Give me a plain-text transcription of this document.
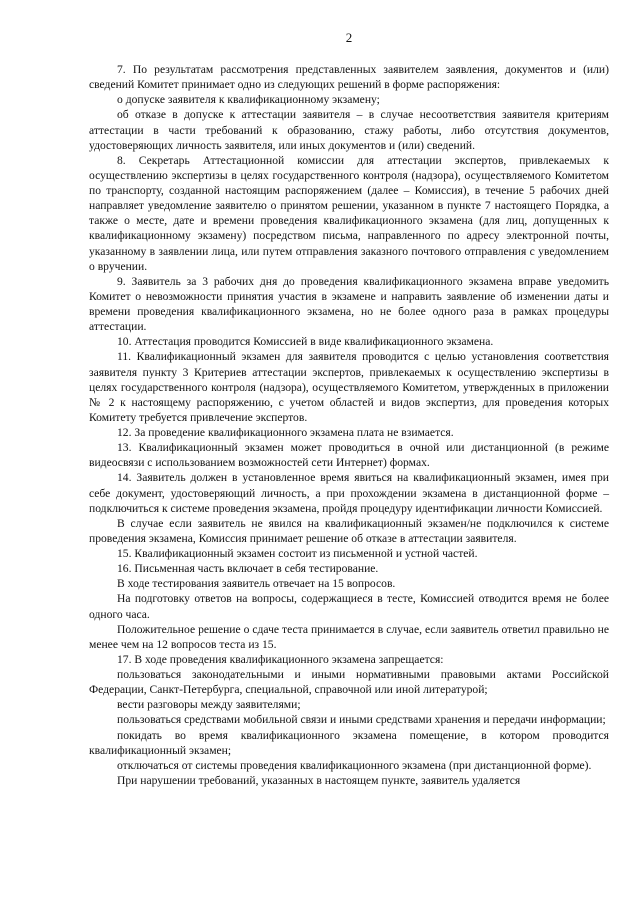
2

7. По результатам рассмотрения представленных заявителем заявления, документов и (или) сведений Комитет принимает одно из следующих решений в форме распоряжения:

о допуске заявителя к квалификационному экзамену;

об отказе в допуске к аттестации заявителя – в случае несоответствия заявителя критериям аттестации в части требований к образованию, стажу работы, либо отсутствия документов, удостоверяющих личность заявителя, или иных документов и (или) сведений.

8. Секретарь Аттестационной комиссии для аттестации экспертов, привлекаемых к осуществлению экспертизы в целях государственного контроля (надзора), осуществляемого Комитетом по транспорту, созданной настоящим распоряжением (далее – Комиссия), в течение 5 рабочих дней направляет уведомление заявителю о принятом решении, указанном в пункте 7 настоящего Порядка, а также о месте, дате и времени проведения квалификационного экзамена (для лиц, допущенных к квалификационному экзамену) посредством письма, направленного по адресу электронной почты, указанному в заявлении лица, или путем отправления заказного почтового отправления с уведомлением о вручении.

9. Заявитель за 3 рабочих дня до проведения квалификационного экзамена вправе уведомить Комитет о невозможности принятия участия в экзамене и направить заявление об изменении даты и времени проведения квалификационного экзамена, но не более одного раза в рамках процедуры аттестации.

10. Аттестация проводится Комиссией в виде квалификационного экзамена.

11. Квалификационный экзамен для заявителя проводится с целью установления соответствия заявителя пункту 3 Критериев аттестации экспертов, привлекаемых к осуществлению экспертизы в целях государственного контроля (надзора), осуществляемого Комитетом, утвержденных в приложении № 2 к настоящему распоряжению, с учетом областей и видов экспертиз, для проведения которых Комитету требуется привлечение экспертов.

12. За проведение квалификационного экзамена плата не взимается.

13. Квалификационный экзамен может проводиться в очной или дистанционной (в режиме видеосвязи с использованием возможностей сети Интернет) формах.

14. Заявитель должен в установленное время явиться на квалификационный экзамен, имея при себе документ, удостоверяющий личность, а при прохождении экзамена в дистанционной форме – подключиться к системе проведения экзамена, пройдя процедуру идентификации личности Комиссией.

В случае если заявитель не явился на квалификационный экзамен/не подключился к системе проведения экзамена, Комиссия принимает решение об отказе в аттестации заявителя.

15. Квалификационный экзамен состоит из письменной и устной частей.

16. Письменная часть включает в себя тестирование.

В ходе тестирования заявитель отвечает на 15 вопросов.

На подготовку ответов на вопросы, содержащиеся в тесте, Комиссией отводится время не более одного часа.

Положительное решение о сдаче теста принимается в случае, если заявитель ответил правильно не менее чем на 12 вопросов теста из 15.

17. В ходе проведения квалификационного экзамена запрещается:

пользоваться законодательными и иными нормативными правовыми актами Российской Федерации, Санкт-Петербурга, специальной, справочной или иной литературой;

вести разговоры между заявителями;

пользоваться средствами мобильной связи и иными средствами хранения и передачи информации;

покидать во время квалификационного экзамена помещение, в котором проводится квалификационный экзамен;

отключаться от системы проведения квалификационного экзамена (при дистанционной форме).

При нарушении требований, указанных в настоящем пункте, заявитель удаляется
